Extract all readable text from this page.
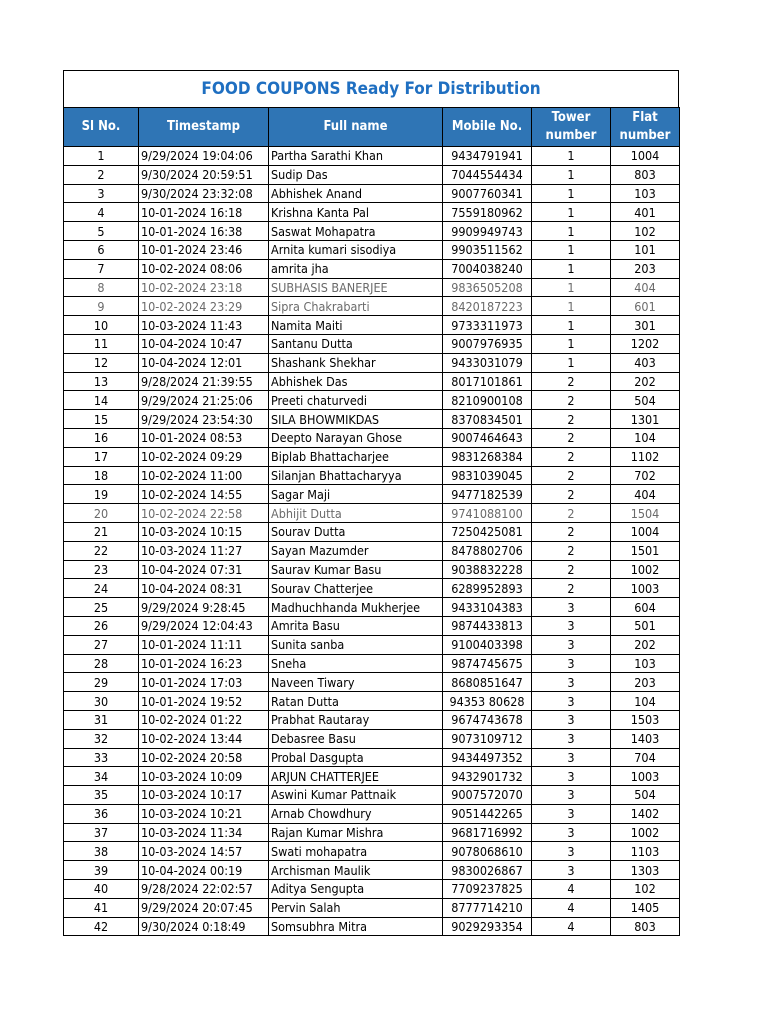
FOOD COUPONS Ready For Distribution
Sl No.	Timestamp	Full name	Mobile No.	Tower number	Flat number
1	9/29/2024 19:04:06	Partha Sarathi Khan	9434791941	1	1004
2	9/30/2024 20:59:51	Sudip Das	7044554434	1	803
3	9/30/2024 23:32:08	Abhishek Anand	9007760341	1	103
4	10-01-2024 16:18	Krishna Kanta Pal	7559180962	1	401
5	10-01-2024 16:38	Saswat Mohapatra	9909949743	1	102
6	10-01-2024 23:46	Arnita kumari sisodiya	9903511562	1	101
7	10-02-2024 08:06	amrita jha	7004038240	1	203
8	10-02-2024 23:18	SUBHASIS BANERJEE	9836505208	1	404
9	10-02-2024 23:29	Sipra Chakrabarti	8420187223	1	601
10	10-03-2024 11:43	Namita Maiti	9733311973	1	301
11	10-04-2024 10:47	Santanu Dutta	9007976935	1	1202
12	10-04-2024 12:01	Shashank Shekhar	9433031079	1	403
13	9/28/2024 21:39:55	Abhishek Das	8017101861	2	202
14	9/29/2024 21:25:06	Preeti chaturvedi	8210900108	2	504
15	9/29/2024 23:54:30	SILA BHOWMIKDAS	8370834501	2	1301
16	10-01-2024 08:53	Deepto Narayan Ghose	9007464643	2	104
17	10-02-2024 09:29	Biplab Bhattacharjee	9831268384	2	1102
18	10-02-2024 11:00	Silanjan Bhattacharyya	9831039045	2	702
19	10-02-2024 14:55	Sagar Maji	9477182539	2	404
20	10-02-2024 22:58	Abhijit Dutta	9741088100	2	1504
21	10-03-2024 10:15	Sourav Dutta	7250425081	2	1004
22	10-03-2024 11:27	Sayan Mazumder	8478802706	2	1501
23	10-04-2024 07:31	Saurav Kumar Basu	9038832228	2	1002
24	10-04-2024 08:31	Sourav Chatterjee	6289952893	2	1003
25	9/29/2024 9:28:45	Madhuchhanda Mukherjee	9433104383	3	604
26	9/29/2024 12:04:43	Amrita Basu	9874433813	3	501
27	10-01-2024 11:11	Sunita sanba	9100403398	3	202
28	10-01-2024 16:23	Sneha	9874745675	3	103
29	10-01-2024 17:03	Naveen Tiwary	8680851647	3	203
30	10-01-2024 19:52	Ratan Dutta	94353 80628	3	104
31	10-02-2024 01:22	Prabhat Rautaray	9674743678	3	1503
32	10-02-2024 13:44	Debasree Basu	9073109712	3	1403
33	10-02-2024 20:58	Probal Dasgupta	9434497352	3	704
34	10-03-2024 10:09	ARJUN CHATTERJEE	9432901732	3	1003
35	10-03-2024 10:17	Aswini Kumar Pattnaik	9007572070	3	504
36	10-03-2024 10:21	Arnab Chowdhury	9051442265	3	1402
37	10-03-2024 11:34	Rajan Kumar Mishra	9681716992	3	1002
38	10-03-2024 14:57	Swati mohapatra	9078068610	3	1103
39	10-04-2024 00:19	Archisman Maulik	9830026867	3	1303
40	9/28/2024 22:02:57	Aditya Sengupta	7709237825	4	102
41	9/29/2024 20:07:45	Pervin Salah	8777714210	4	1405
42	9/30/2024 0:18:49	Somsubhra Mitra	9029293354	4	803
